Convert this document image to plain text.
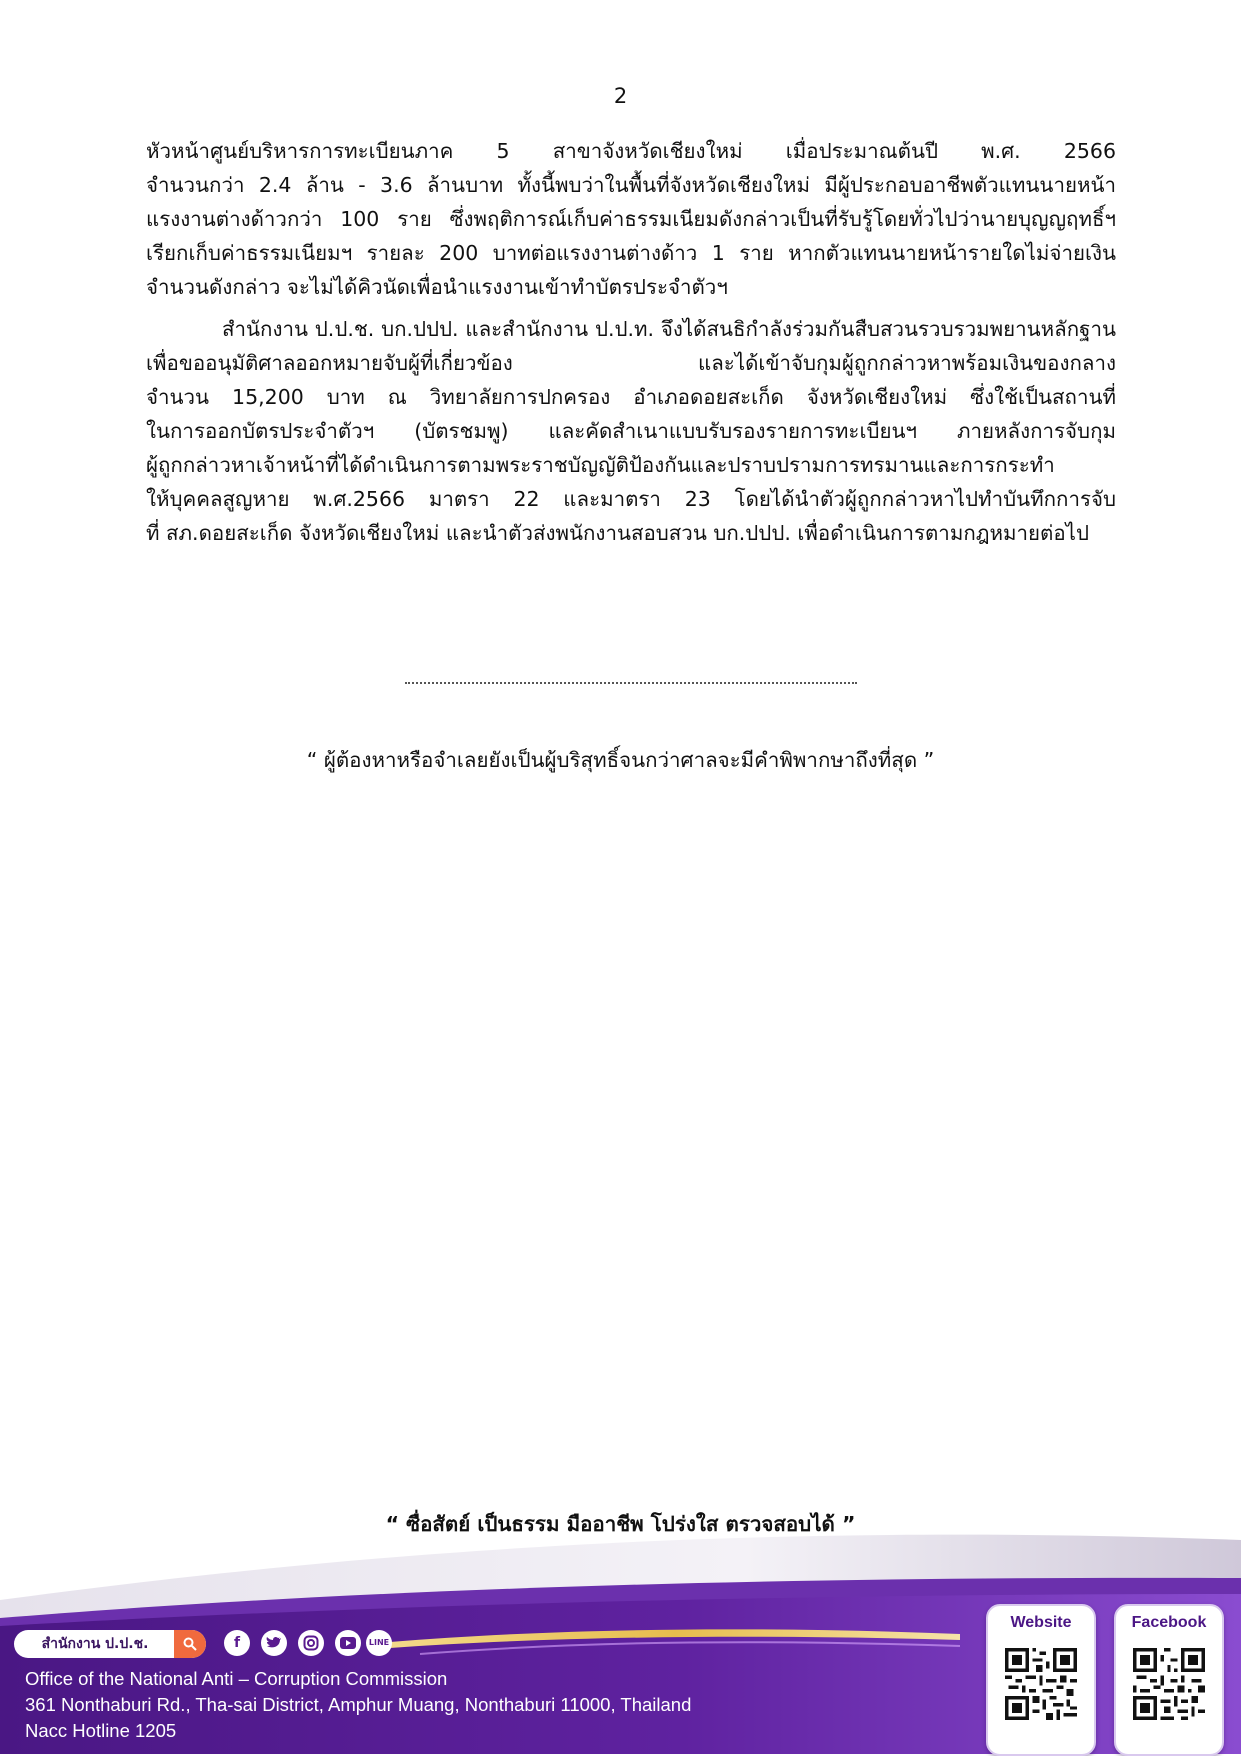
2

หัวหน้าศูนย์บริหารการทะเบียนภาค 5 สาขาจังหวัดเชียงใหม่ เมื่อประมาณต้นปี พ.ศ. 2566
จำนวนกว่า 2.4 ล้าน - 3.6 ล้านบาท ทั้งนี้พบว่าในพื้นที่จังหวัดเชียงใหม่ มีผู้ประกอบอาชีพตัวแทนนายหน้า
แรงงานต่างด้าวกว่า 100 ราย ซึ่งพฤติการณ์เก็บค่าธรรมเนียมดังกล่าวเป็นที่รับรู้โดยทั่วไปว่านายบุญญฤทธิ์ฯ
เรียกเก็บค่าธรรมเนียมฯ รายละ 200 บาทต่อแรงงานต่างด้าว 1 ราย หากตัวแทนนายหน้ารายใดไม่จ่ายเงิน
จำนวนดังกล่าว จะไม่ได้คิวนัดเพื่อนำแรงงานเข้าทำบัตรประจำตัวฯ

สำนักงาน ป.ป.ช. บก.ปปป. และสำนักงาน ป.ป.ท. จึงได้สนธิกำลังร่วมกันสืบสวนรวบรวมพยานหลักฐาน
เพื่อขออนุมัติศาลออกหมายจับผู้ที่เกี่ยวข้อง และได้เข้าจับกุมผู้ถูกกล่าวหาพร้อมเงินของกลาง
จำนวน 15,200 บาท ณ วิทยาลัยการปกครอง อำเภอดอยสะเก็ด จังหวัดเชียงใหม่ ซึ่งใช้เป็นสถานที่
ในการออกบัตรประจำตัวฯ (บัตรชมพู) และคัดสำเนาแบบรับรองรายการทะเบียนฯ ภายหลังการจับกุม
ผู้ถูกกล่าวหาเจ้าหน้าที่ได้ดำเนินการตามพระราชบัญญัติป้องกันและปราบปรามการทรมานและการกระทำ
ให้บุคคลสูญหาย พ.ศ.2566 มาตรา 22 และมาตรา 23 โดยได้นำตัวผู้ถูกกล่าวหาไปทำบันทึกการจับ
ที่ สภ.ดอยสะเก็ด จังหวัดเชียงใหม่ และนำตัวส่งพนักงานสอบสวน บก.ปปป. เพื่อดำเนินการตามกฎหมายต่อไป

“ ผู้ต้องหาหรือจำเลยยังเป็นผู้บริสุทธิ์จนกว่าศาลจะมีคำพิพากษาถึงที่สุด ”
“ ซื่อสัตย์ เป็นธรรม มืออาชีพ โปร่งใส ตรวจสอบได้ ”
สำนักงาน ป.ป.ช.	f	LINE
Office of the National Anti – Corruption Commission
361 Nonthaburi Rd., Tha-sai District, Amphur Muang, Nonthaburi 11000, Thailand
Nacc Hotline 1205
Website	Facebook
